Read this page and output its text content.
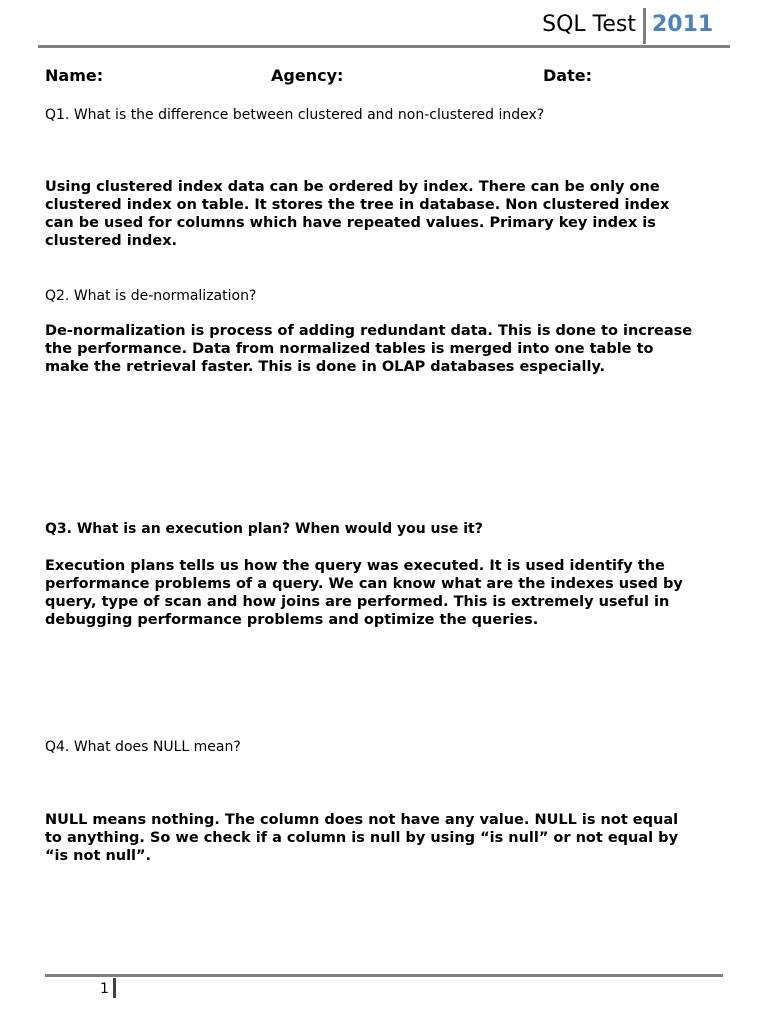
SQL Test 2011

Name:	Agency:	Date:

Q1. What is the difference between clustered and non-clustered index?

Using clustered index data can be ordered by index. There can be only one
clustered index on table. It stores the tree in database. Non clustered index
can be used for columns which have repeated values. Primary key index is
clustered index.

Q2. What is de-normalization?

De-normalization is process of adding redundant data. This is done to increase
the performance. Data from normalized tables is merged into one table to
make the retrieval faster. This is done in OLAP databases especially.

Q3. What is an execution plan? When would you use it?

Execution plans tells us how the query was executed. It is used identify the
performance problems of a query. We can know what are the indexes used by
query, type of scan and how joins are performed. This is extremely useful in
debugging performance problems and optimize the queries.

Q4. What does NULL mean?

NULL means nothing. The column does not have any value. NULL is not equal
to anything. So we check if a column is null by using “is null” or not equal by
“is not null”.
1
